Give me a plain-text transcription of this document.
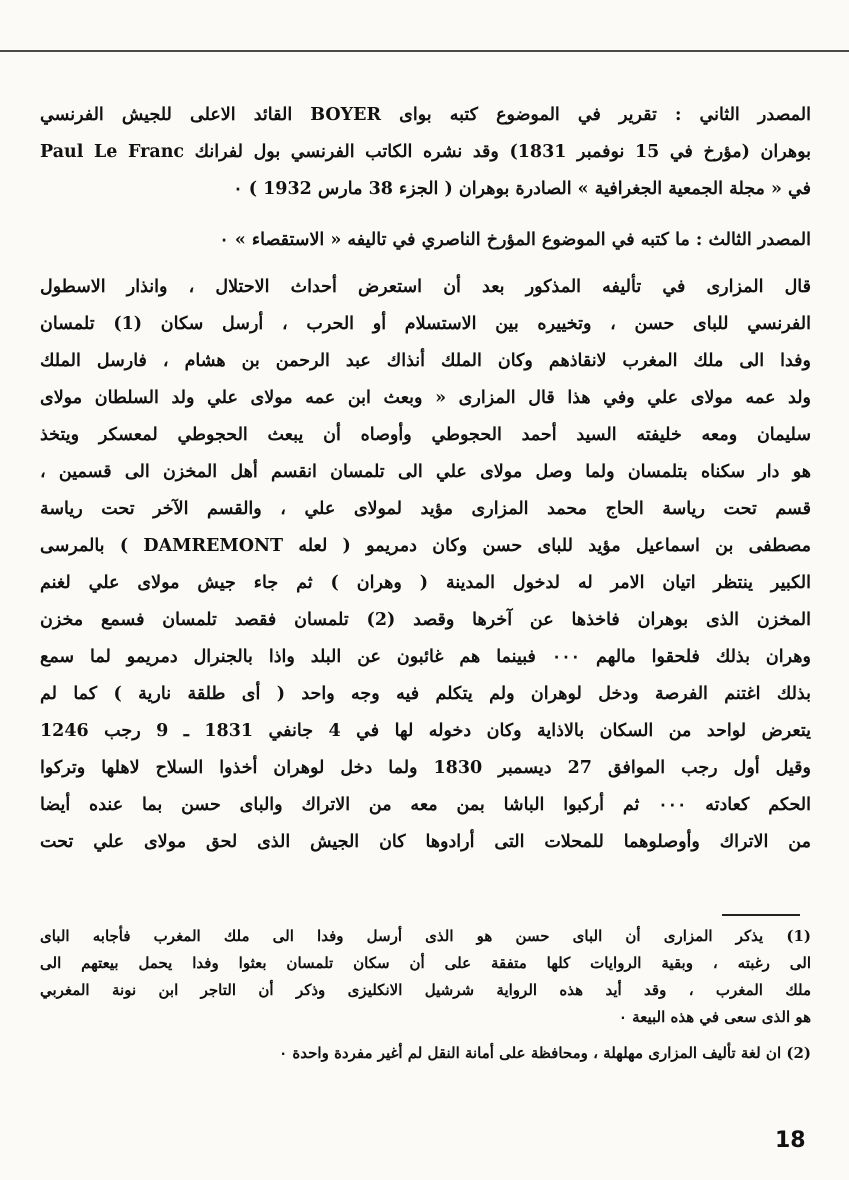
المصدر الثاني : تقرير في الموضوع كتبه بواى BOYER القائد الاعلى للجيش الفرنسي
بوهران (مؤرخ في 15 نوفمبر 1831) وقد نشره الكاتب الفرنسي بول لفرانك Paul Le Franc
في « مجلة الجمعية الجغرافية » الصادرة بوهران ( الجزء 38 مارس 1932 ) ٠
المصدر الثالث : ما كتبه في الموضوع المؤرخ الناصري في تاليفه « الاستقصاء » ٠
قال المزارى في تأليفه المذكور بعد أن استعرض أحداث الاحتلال ، وانذار الاسطول
الفرنسي للباى حسن ، وتخييره بين الاستسلام أو الحرب ، أرسل سكان (1) تلمسان
وفدا الى ملك المغرب لانقاذهم وكان الملك أنذاك عبد الرحمن بن هشام ، فارسل الملك
ولد عمه مولاى علي وفي هذا قال المزارى « وبعث ابن عمه مولاى علي ولد السلطان مولاى
سليمان ومعه خليفته السيد أحمد الحجوطي وأوصاه أن يبعث الحجوطي لمعسكر ويتخذ
هو دار سكناه بتلمسان ولما وصل مولاى علي الى تلمسان انقسم أهل المخزن الى قسمين ،
قسم تحت رياسة الحاج محمد المزارى مؤيد لمولاى علي ، والقسم الآخر تحت رياسة
مصطفى بن اسماعيل مؤيد للباى حسن وكان دمريمو ( لعله DAMREMONT ) بالمرسى
الكبير ينتظر اتيان الامر له لدخول المدينة ( وهران ) ثم جاء جيش مولاى علي لغنم
المخزن الذى بوهران فاخذها عن آخرها وقصد (2) تلمسان فقصد تلمسان فسمع مخزن
وهران بذلك فلحقوا مالهم ٠٠٠ فبينما هم غائبون عن البلد واذا بالجنرال دمريمو لما سمع
بذلك اغتنم الفرصة ودخل لوهران ولم يتكلم فيه وجه واحد ( أى طلقة نارية ) كما لم
يتعرض لواحد من السكان بالاذاية وكان دخوله لها في 4 جانفي 1831 ـ 9 رجب 1246
وقيل أول رجب الموافق 27 ديسمبر 1830 ولما دخل لوهران أخذوا السلاح لاهلها وتركوا
الحكم كعادته ٠٠٠ ثم أركبوا الباشا بمن معه من الاتراك والباى حسن بما عنده أيضا
من الاتراك وأوصلوهما للمحلات التى أرادوها كان الجيش الذى لحق مولاى علي تحت
(1) يذكر المزارى أن الباى حسن هو الذى أرسل وفدا الى ملك المغرب فأجابه الباى
الى رغبته ، وبقية الروايات كلها متفقة على أن سكان تلمسان بعثوا وفدا يحمل بيعتهم الى
ملك المغرب ، وقد أيد هذه الرواية شرشيل الانكليزى وذكر أن التاجر ابن نونة المغربي
هو الذى سعى في هذه البيعة ٠
(2) ان لغة تأليف المزارى مهلهلة ، ومحافظة على أمانة النقل لم أغير مفردة واحدة ٠
18
